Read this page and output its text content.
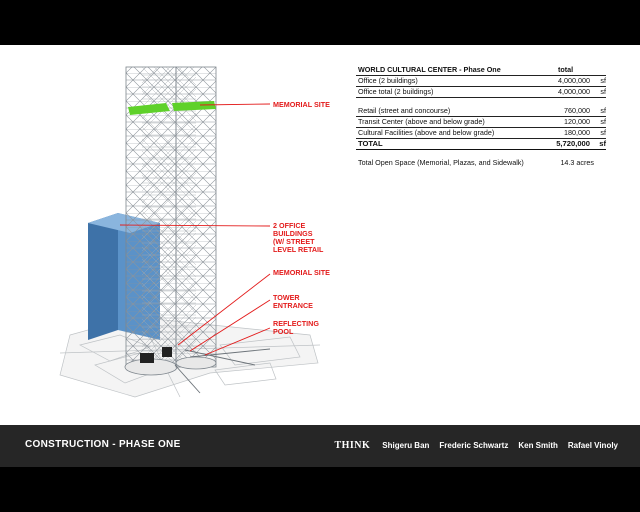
WORLD CULTURAL CENTER - Phase One	total
Office (2 buildings)	4,000,000 sf
Office total (2 buildings)	4,000,000 sf
Retail (street and concourse)	760,000 sf
Transit Center (above and below grade)	120,000 sf
Cultural Facilities (above and below grade)	180,000 sf
TOTAL	5,720,000 sf
Total Open Space (Memorial, Plazas, and Sidewalk)	14.3 acres
MEMORIAL SITE
2 OFFICE
BUILDINGS
(W/ STREET
LEVEL RETAIL
MEMORIAL SITE
TOWER
ENTRANCE
REFLECTING
POOL
CONSTRUCTION - PHASE ONE	THINK Shigeru Ban Frederic Schwartz Ken Smith Rafael Vinoly
